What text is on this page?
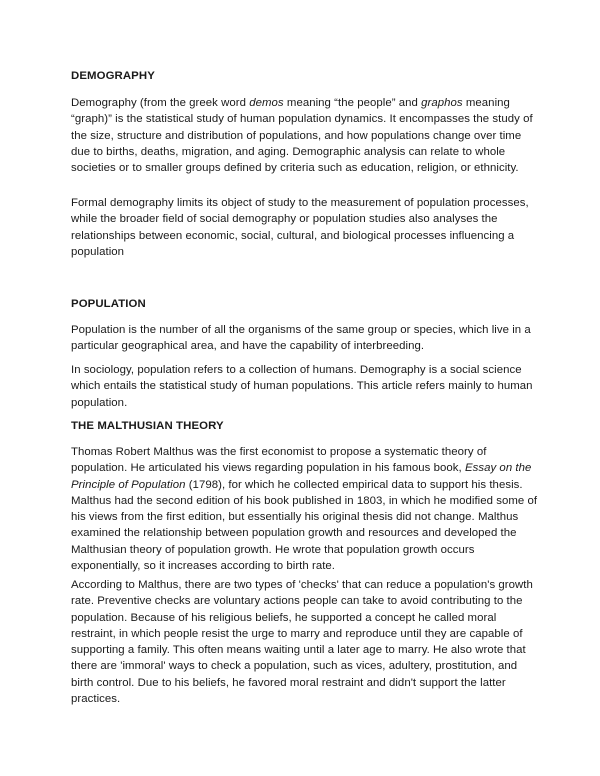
DEMOGRAPHY

Demography (from the greek word demos meaning “the people” and graphos meaning “graph)” is the statistical study of human population dynamics. It encompasses the study of the size, structure and distribution of populations, and how populations change over time due to births, deaths, migration, and aging. Demographic analysis can relate to whole societies or to smaller groups defined by criteria such as education, religion, or ethnicity.

Formal demography limits its object of study to the measurement of population processes, while the broader field of social demography or population studies also analyses the relationships between economic, social, cultural, and biological processes influencing a population

POPULATION

Population is the number of all the organisms of the same group or species, which live in a particular geographical area, and have the capability of interbreeding.

In sociology, population refers to a collection of humans. Demography is a social science which entails the statistical study of human populations. This article refers mainly to human population.

THE MALTHUSIAN THEORY

Thomas Robert Malthus was the first economist to propose a systematic theory of population. He articulated his views regarding population in his famous book, Essay on the Principle of Population (1798), for which he collected empirical data to support his thesis. Malthus had the second edition of his book published in 1803, in which he modified some of his views from the first edition, but essentially his original thesis did not change. Malthus examined the relationship between population growth and resources and developed the Malthusian theory of population growth. He wrote that population growth occurs exponentially, so it increases according to birth rate.

According to Malthus, there are two types of 'checks' that can reduce a population's growth rate. Preventive checks are voluntary actions people can take to avoid contributing to the population. Because of his religious beliefs, he supported a concept he called moral restraint, in which people resist the urge to marry and reproduce until they are capable of supporting a family. This often means waiting until a later age to marry. He also wrote that there are 'immoral' ways to check a population, such as vices, adultery, prostitution, and birth control. Due to his beliefs, he favored moral restraint and didn't support the latter practices.
